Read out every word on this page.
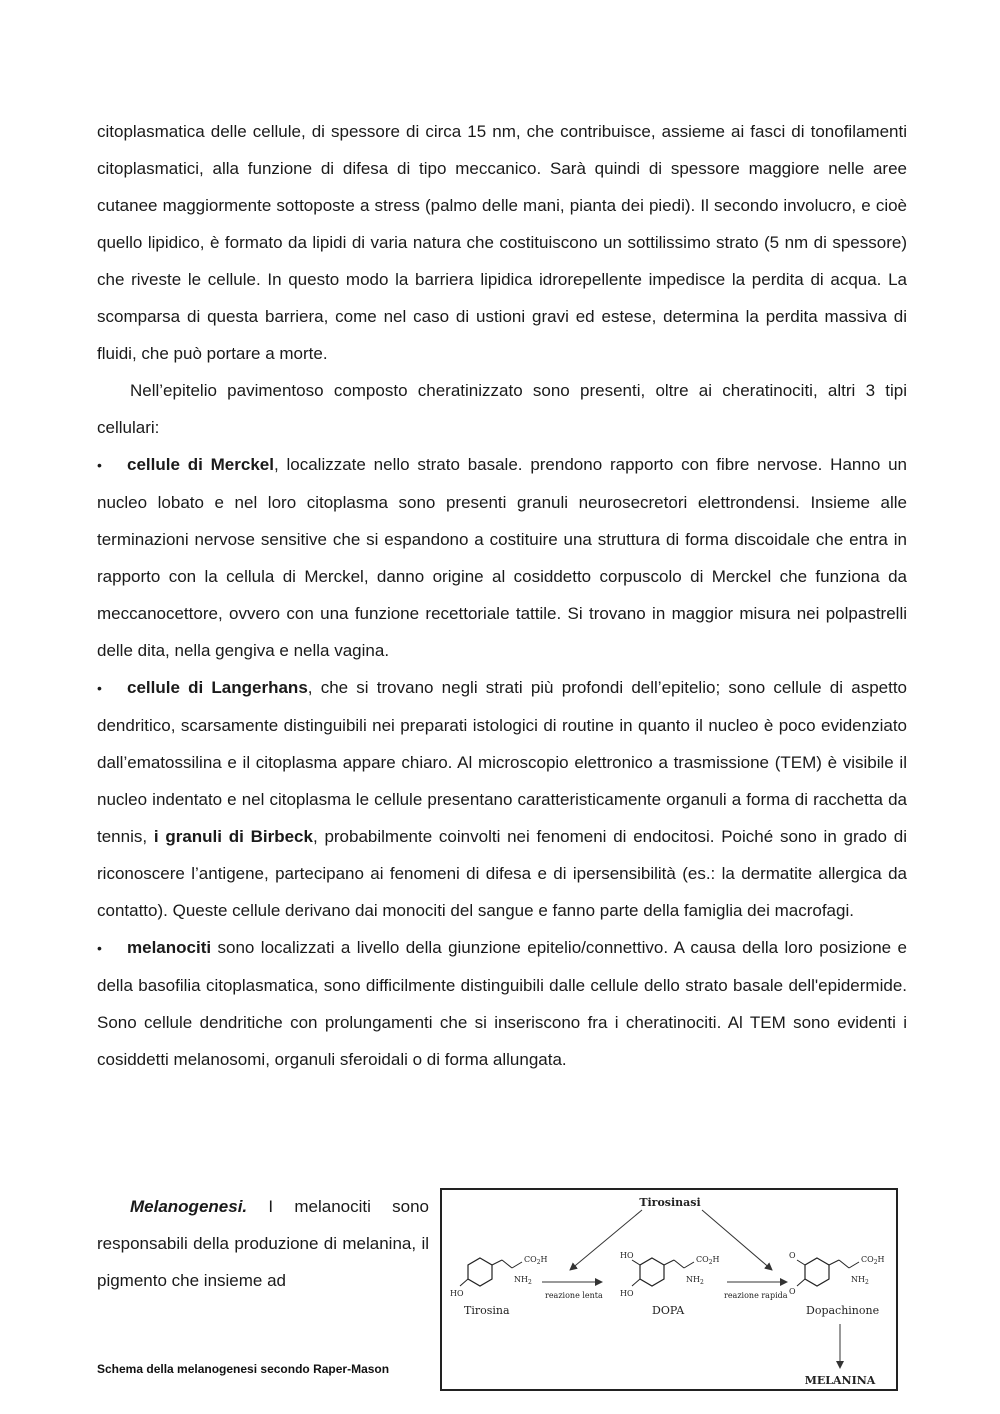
citoplasmatica delle cellule, di spessore di circa 15 nm, che contribuisce, assieme ai fasci di tonofilamenti citoplasmatici, alla funzione di difesa di tipo meccanico. Sarà quindi di spessore maggiore nelle aree cutanee maggiormente sottoposte a stress (palmo delle mani, pianta dei piedi). Il secondo involucro, e cioè quello lipidico, è formato da lipidi di varia natura che costituiscono un sottilissimo strato (5 nm di spessore) che riveste le cellule. In questo modo la barriera lipidica idrorepellente impedisce la perdita di acqua. La scomparsa di questa barriera, come nel caso di ustioni gravi ed estese, determina la perdita massiva di fluidi, che può portare a morte.

Nell’epitelio pavimentoso composto cheratinizzato sono presenti, oltre ai cheratinociti, altri 3 tipi cellulari:

• cellule di Merckel, localizzate nello strato basale. prendono rapporto con fibre nervose. Hanno un nucleo lobato e nel loro citoplasma sono presenti granuli neurosecretori elettrondensi. Insieme alle terminazioni nervose sensitive che si espandono a costituire una struttura di forma discoidale che entra in rapporto con la cellula di Merckel, danno origine al cosiddetto corpuscolo di Merckel che funziona da meccanocettore, ovvero con una funzione recettoriale tattile. Si trovano in maggior misura nei polpastrelli delle dita, nella gengiva e nella vagina.

• cellule di Langerhans, che si trovano negli strati più profondi dell’epitelio; sono cellule di aspetto dendritico, scarsamente distinguibili nei preparati istologici di routine in quanto il nucleo è poco evidenziato dall’ematossilina e il citoplasma appare chiaro. Al microscopio elettronico a trasmissione (TEM) è visibile il nucleo indentato e nel citoplasma le cellule presentano caratteristicamente organuli a forma di racchetta da tennis, i granuli di Birbeck, probabilmente coinvolti nei fenomeni di endocitosi. Poiché sono in grado di riconoscere l’antigene, partecipano ai fenomeni di difesa e di ipersensibilità (es.: la dermatite allergica da contatto). Queste cellule derivano dai monociti del sangue e fanno parte della famiglia dei macrofagi.

• melanociti sono localizzati a livello della giunzione epitelio/connettivo. A causa della loro posizione e della basofilia citoplasmatica, sono difficilmente distinguibili dalle cellule dello strato basale dell'epidermide. Sono cellule dendritiche con prolungamenti che si inseriscono fra i cheratinociti. Al TEM sono evidenti i cosiddetti melanosomi, organuli sferoidali o di forma allungata.

Melanogenesi. I melanociti sono responsabili della produzione di melanina, il pigmento che insieme ad

Schema della melanogenesi secondo Raper-Mason
Tirosinasi
HO
$CO_2H$
$NH_2$
Tirosina
reazione lenta
HO
HO
$CO_2H$
$NH_2$
DOPA
reazione rapida
O
O
$CO_2H$
$NH_2$
Dopachinone
MELANINA
